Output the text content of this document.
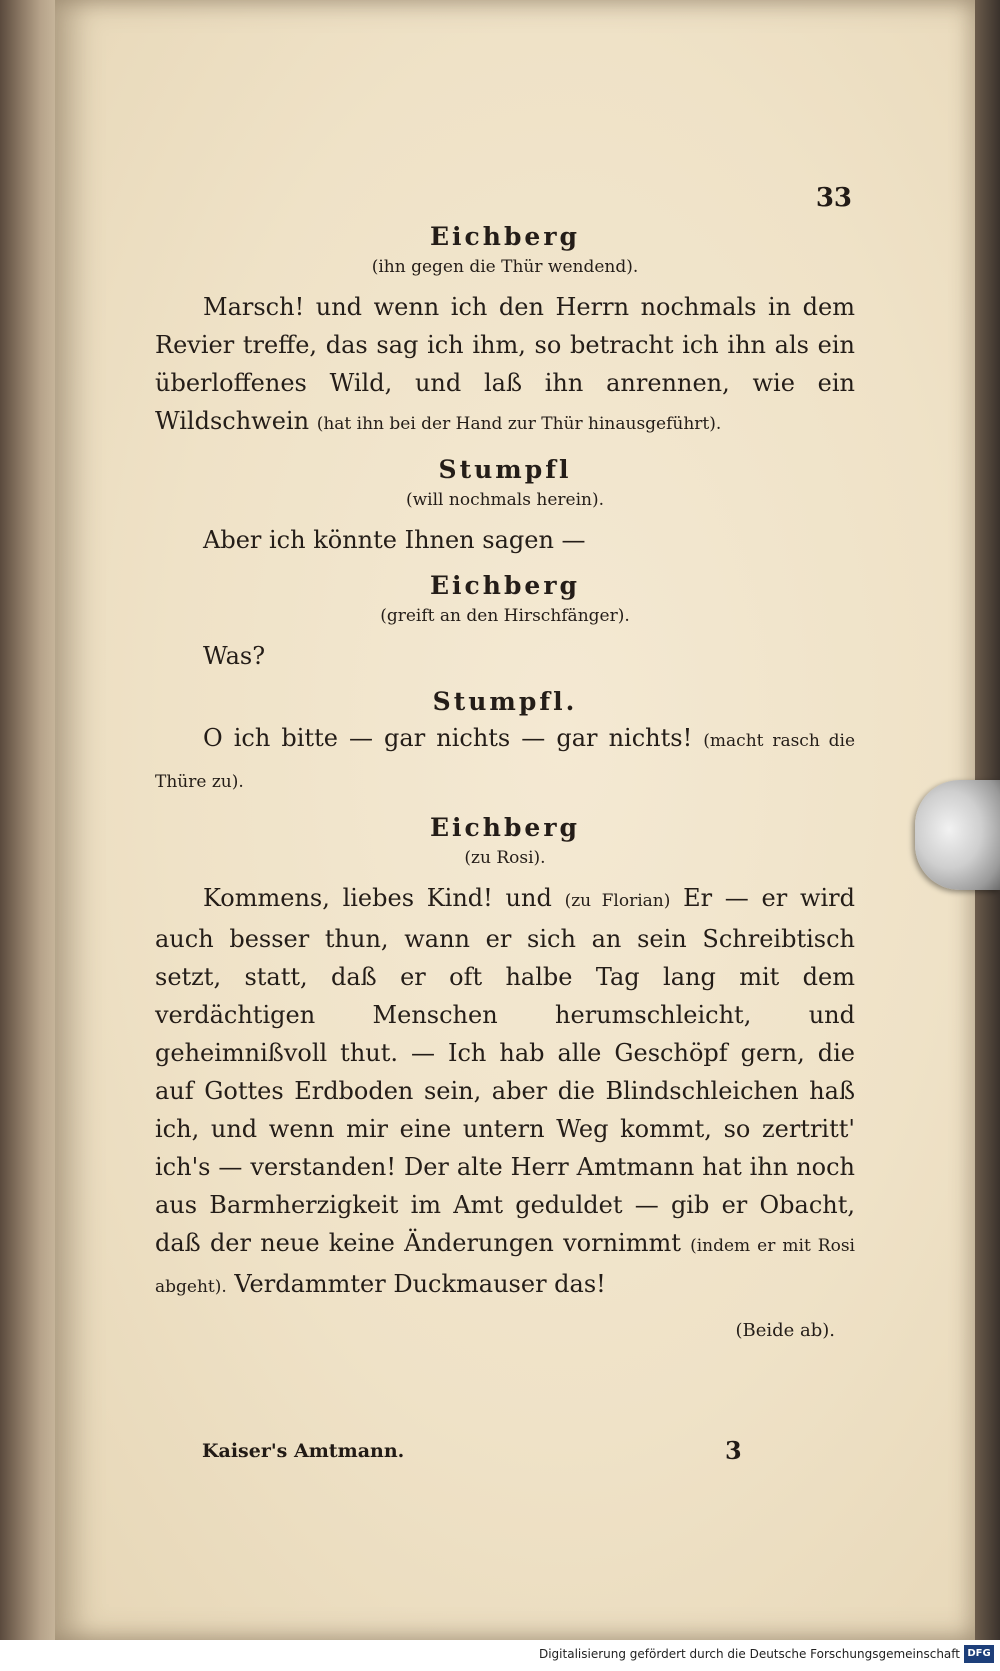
33

Eichberg

(ihn gegen die Thür wendend).

Marsch! und wenn ich den Herrn nochmals in dem Revier treffe, das sag ich ihm, so betracht ich ihn als ein überloffenes Wild, und laß ihn anrennen, wie ein Wildschwein (hat ihn bei der Hand zur Thür hinausgeführt).

Stumpfl

(will nochmals herein).

Aber ich könnte Ihnen sagen —

Eichberg

(greift an den Hirschfänger).

Was?

Stumpfl.

O ich bitte — gar nichts — gar nichts! (macht rasch die Thüre zu).

Eichberg

(zu Rosi).

Kommens, liebes Kind! und (zu Florian) Er — er wird auch besser thun, wann er sich an sein Schreibtisch setzt, statt, daß er oft halbe Tag lang mit dem verdächtigen Menschen herumschleicht, und geheimnißvoll thut. — Ich hab alle Geschöpf gern, die auf Gottes Erdboden sein, aber die Blindschleichen haß ich, und wenn mir eine untern Weg kommt, so zertritt' ich's — verstanden! Der alte Herr Amtmann hat ihn noch aus Barmherzigkeit im Amt geduldet — gib er Obacht, daß der neue keine Änderungen vornimmt (indem er mit Rosi abgeht). Verdammter Duckmauser das!

(Beide ab).

Kaiser's Amtmann.	3
Digitalisierung gefördert durch die Deutsche Forschungsgemeinschaft DFG
